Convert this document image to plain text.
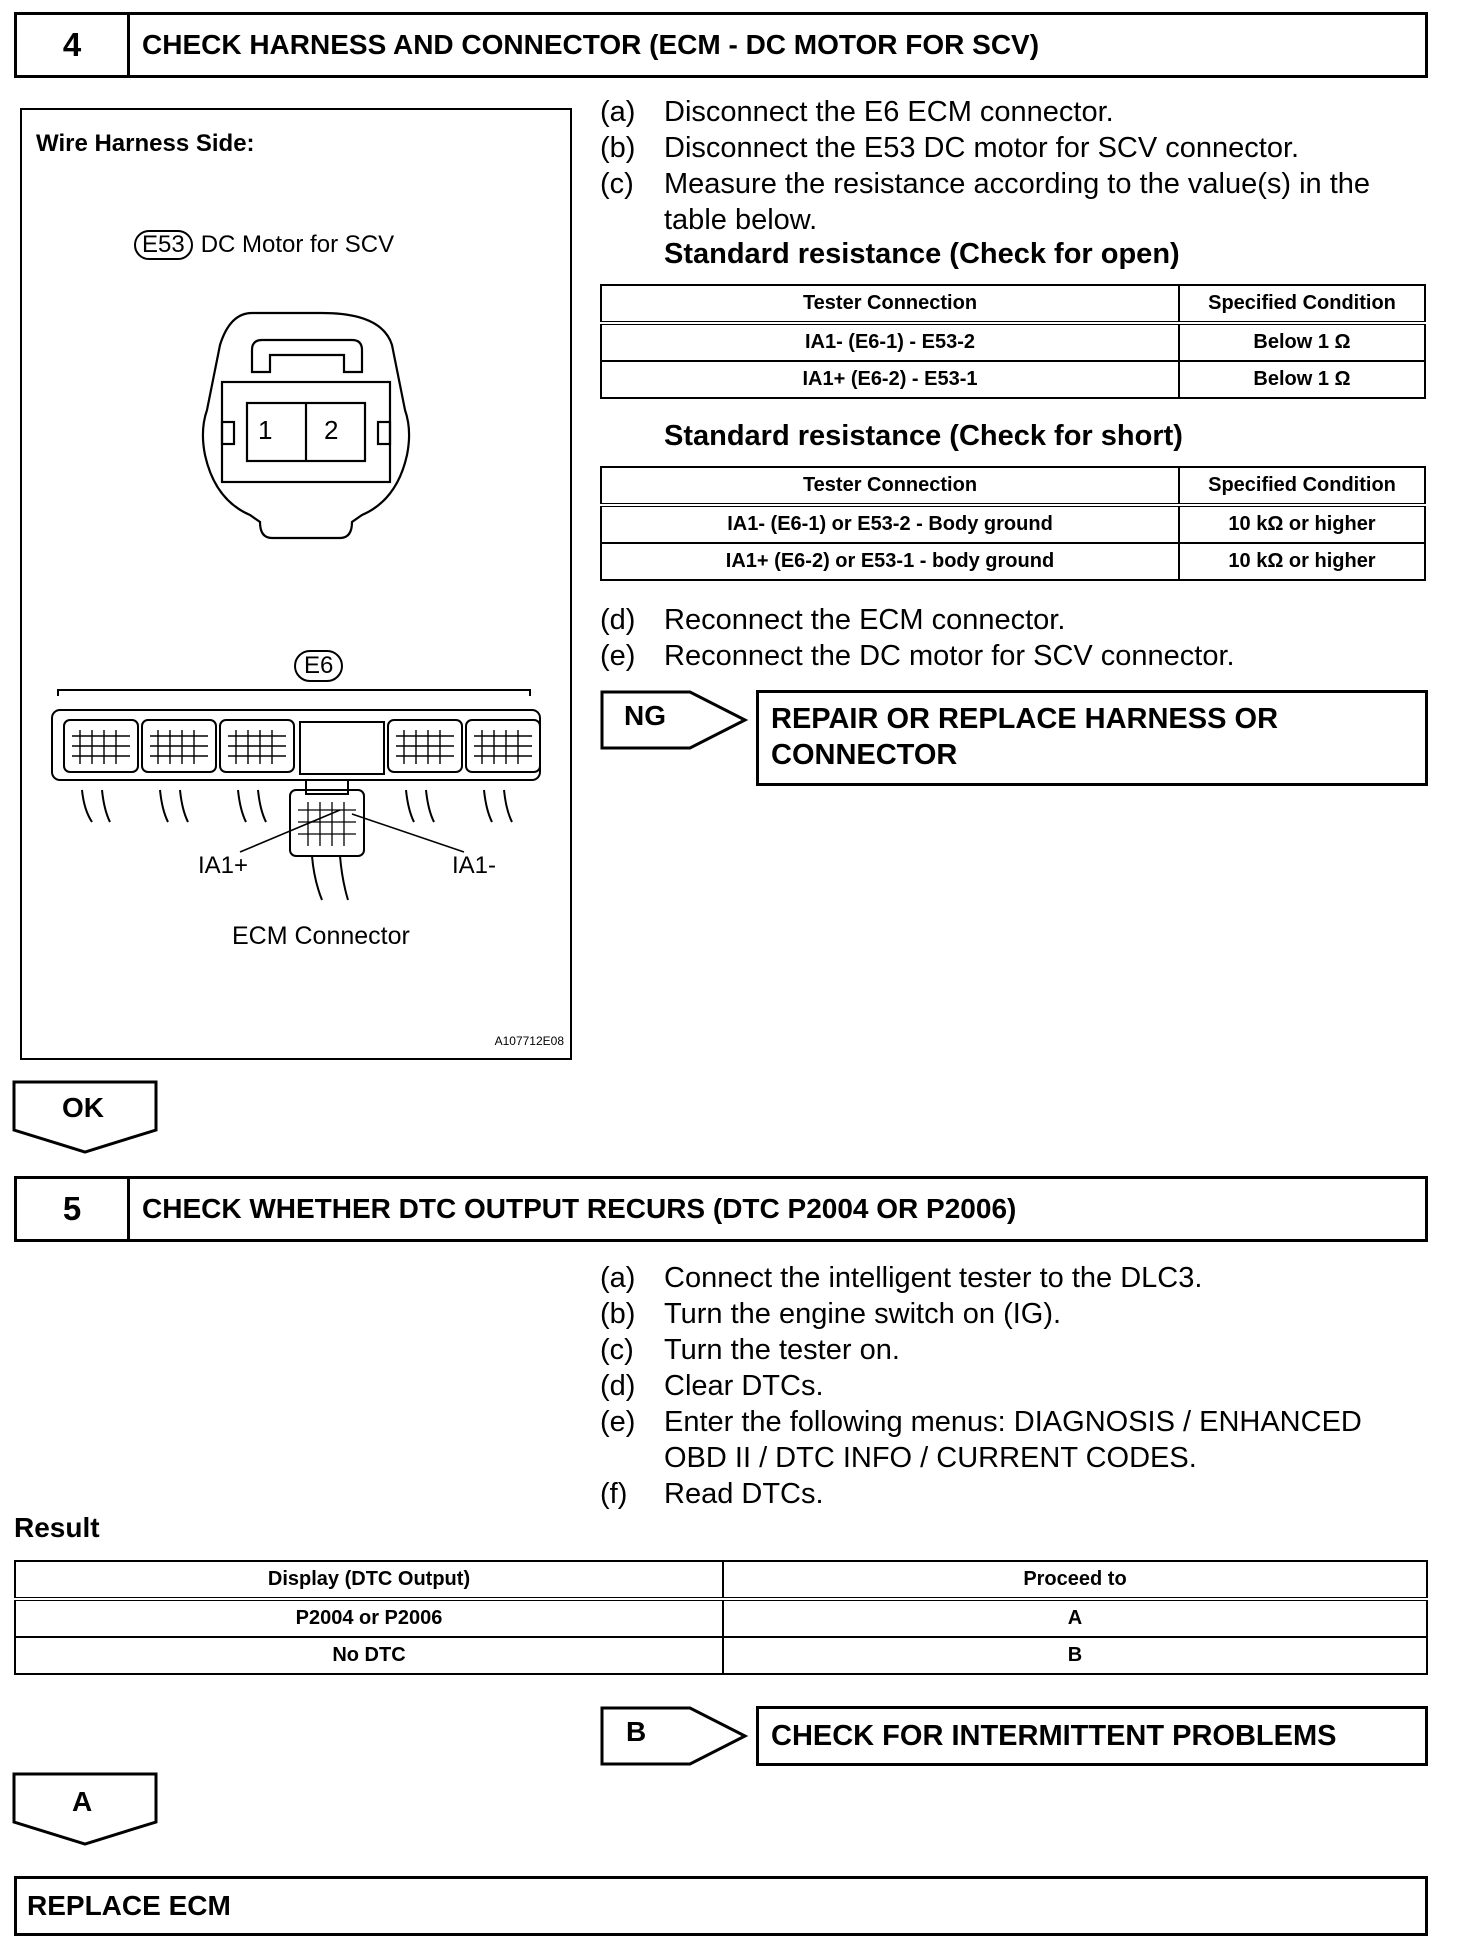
4	CHECK HARNESS AND CONNECTOR (ECM - DC MOTOR FOR SCV)
Wire Harness Side:
E53 DC Motor for SCV
1 2
E6
IA1+	IA1-
ECM Connector
A107712E08
(a) Disconnect the E6 ECM connector.
(b) Disconnect the E53 DC motor for SCV connector.
(c)	Measure the resistance according to the value(s) in the table below.
Standard resistance (Check for open)
Tester Connection	Specified Condition
IA1- (E6-1) - E53-2	Below 1 Ω
IA1+ (E6-2) - E53-1	Below 1 Ω
Standard resistance (Check for short)
Tester Connection	Specified Condition
IA1- (E6-1) or E53-2 - Body ground	10 kΩ or higher
IA1+ (E6-2) or E53-1 - body ground	10 kΩ or higher
(d) Reconnect the ECM connector.
(e) Reconnect the DC motor for SCV connector.
NG	REPAIR OR REPLACE HARNESS OR CONNECTOR
OK
5	CHECK WHETHER DTC OUTPUT RECURS (DTC P2004 OR P2006)
(a) Connect the intelligent tester to the DLC3.
(b) Turn the engine switch on (IG).
(c)	Turn the tester on.
(d) Clear DTCs.
(e) Enter the following menus: DIAGNOSIS / ENHANCED OBD II / DTC INFO / CURRENT CODES.
(f)	Read DTCs.
Result
Display (DTC Output)	Proceed to
P2004 or P2006	A
No DTC	B
B	CHECK FOR INTERMITTENT PROBLEMS
A
REPLACE ECM
